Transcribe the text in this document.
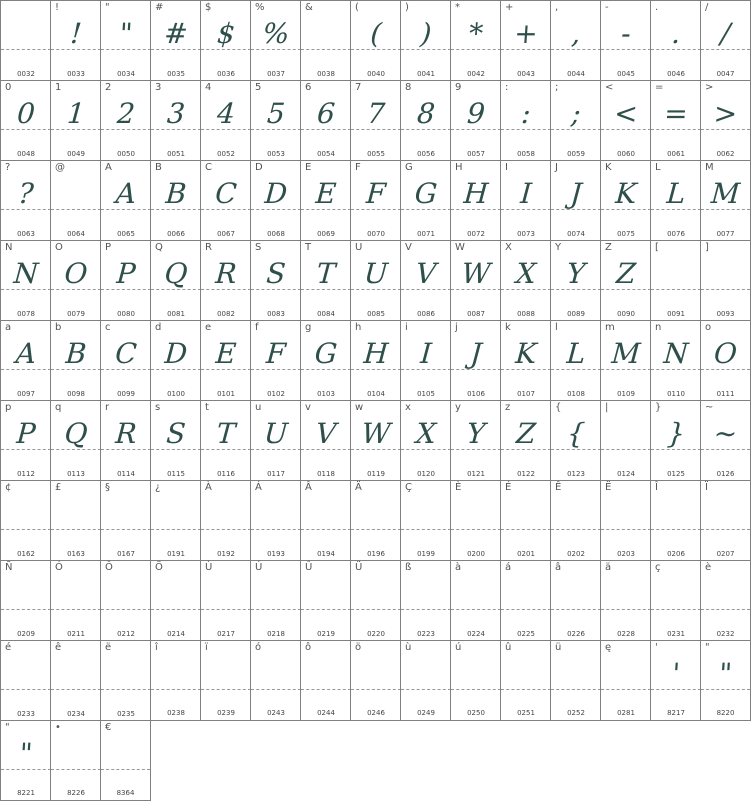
0032
!
!
0033
"
"
0034
#
#
0035
$
$
0036
%
%
0037
&
0038
(
(
0040
)
)
0041
*
*
0042
+
+
0043
,
,
0044
-
-
0045
.
.
0046
/
/
0047
0
0
0048
1
1
0049
2
2
0050
3
3
0051
4
4
0052
5
5
0053
6
6
0054
7
7
0055
8
8
0056
9
9
0057
:
:
0058
;
;
0059
<
<
0060
=
=
0061
>
>
0062
?
?
0063
@
0064
A
A
0065
B
B
0066
C
C
0067
D
D
0068
E
E
0069
F
F
0070
G
G
0071
H
H
0072
I
I
0073
J
J
0074
K
K
0075
L
L
0076
M
M
0077
N
N
0078
O
O
0079
P
P
0080
Q
Q
0081
R
R
0082
S
S
0083
T
T
0084
U
U
0085
V
V
0086
W
W
0087
X
X
0088
Y
Y
0089
Z
Z
0090
[
0091
]
0093
a
A
0097
b
B
0098
c
C
0099
d
D
0100
e
E
0101
f
F
0102
g
G
0103
h
H
0104
i
I
0105
j
J
0106
k
K
0107
l
L
0108
m
M
0109
n
N
0110
o
O
0111
p
P
0112
q
Q
0113
r
R
0114
s
S
0115
t
T
0116
u
U
0117
v
V
0118
w
W
0119
x
X
0120
y
Y
0121
z
Z
0122
{
{
0123
|
0124
}
}
0125
~
~
0126
¢
0162
£
0163
§
0167
¿
0191
À
0192
Á
0193
Â
0194
Ä
0196
Ç
0199
È
0200
É
0201
Ê
0202
Ë
0203
Î
0206
Ï
0207
Ñ
0209
Ó
0211
Ô
0212
Ö
0214
Ù
0217
Ú
0218
Û
0219
Ü
0220
ß
0223
à
0224
á
0225
â
0226
ä
0228
ç
0231
è
0232
é
0233
ê
0234
ë
0235
î
0238
ï
0239
ó
0243
ô
0244
ö
0246
ù
0249
ú
0250
û
0251
ü
0252
ę
0281
'
'
8217
"
"
8220
"
"
8221
•
8226
€
8364
